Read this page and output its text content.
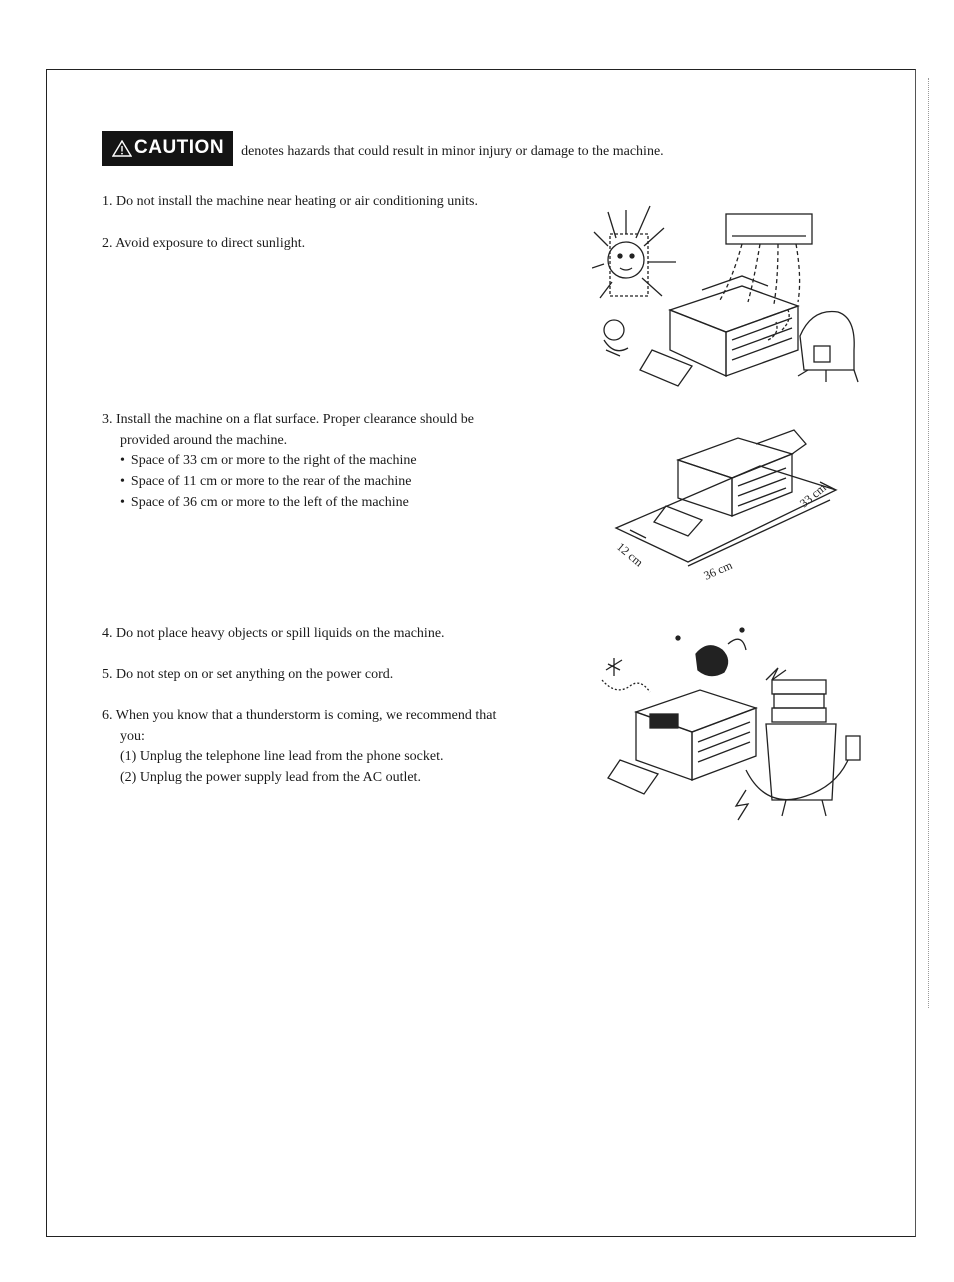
CAUTION denotes hazards that could result in minor injury or damage to the machine.
1. Do not install the machine near heating or air conditioning units.
2. Avoid exposure to direct sunlight.
3. Install the machine on a flat surface. Proper clearance should be
provided around the machine.
• Space of 33 cm or more to the right of the machine
• Space of 11 cm or more to the rear of the machine
• Space of 36 cm or more to the left of the machine
4. Do not place heavy objects or spill liquids on the machine.
5. Do not step on or set anything on the power cord.
6. When you know that a thunderstorm is coming, we recommend that
you:
(1) Unplug the telephone line lead from the phone socket.
(2) Unplug the power supply lead from the AC outlet.
12 cm
36 cm
33 cm
